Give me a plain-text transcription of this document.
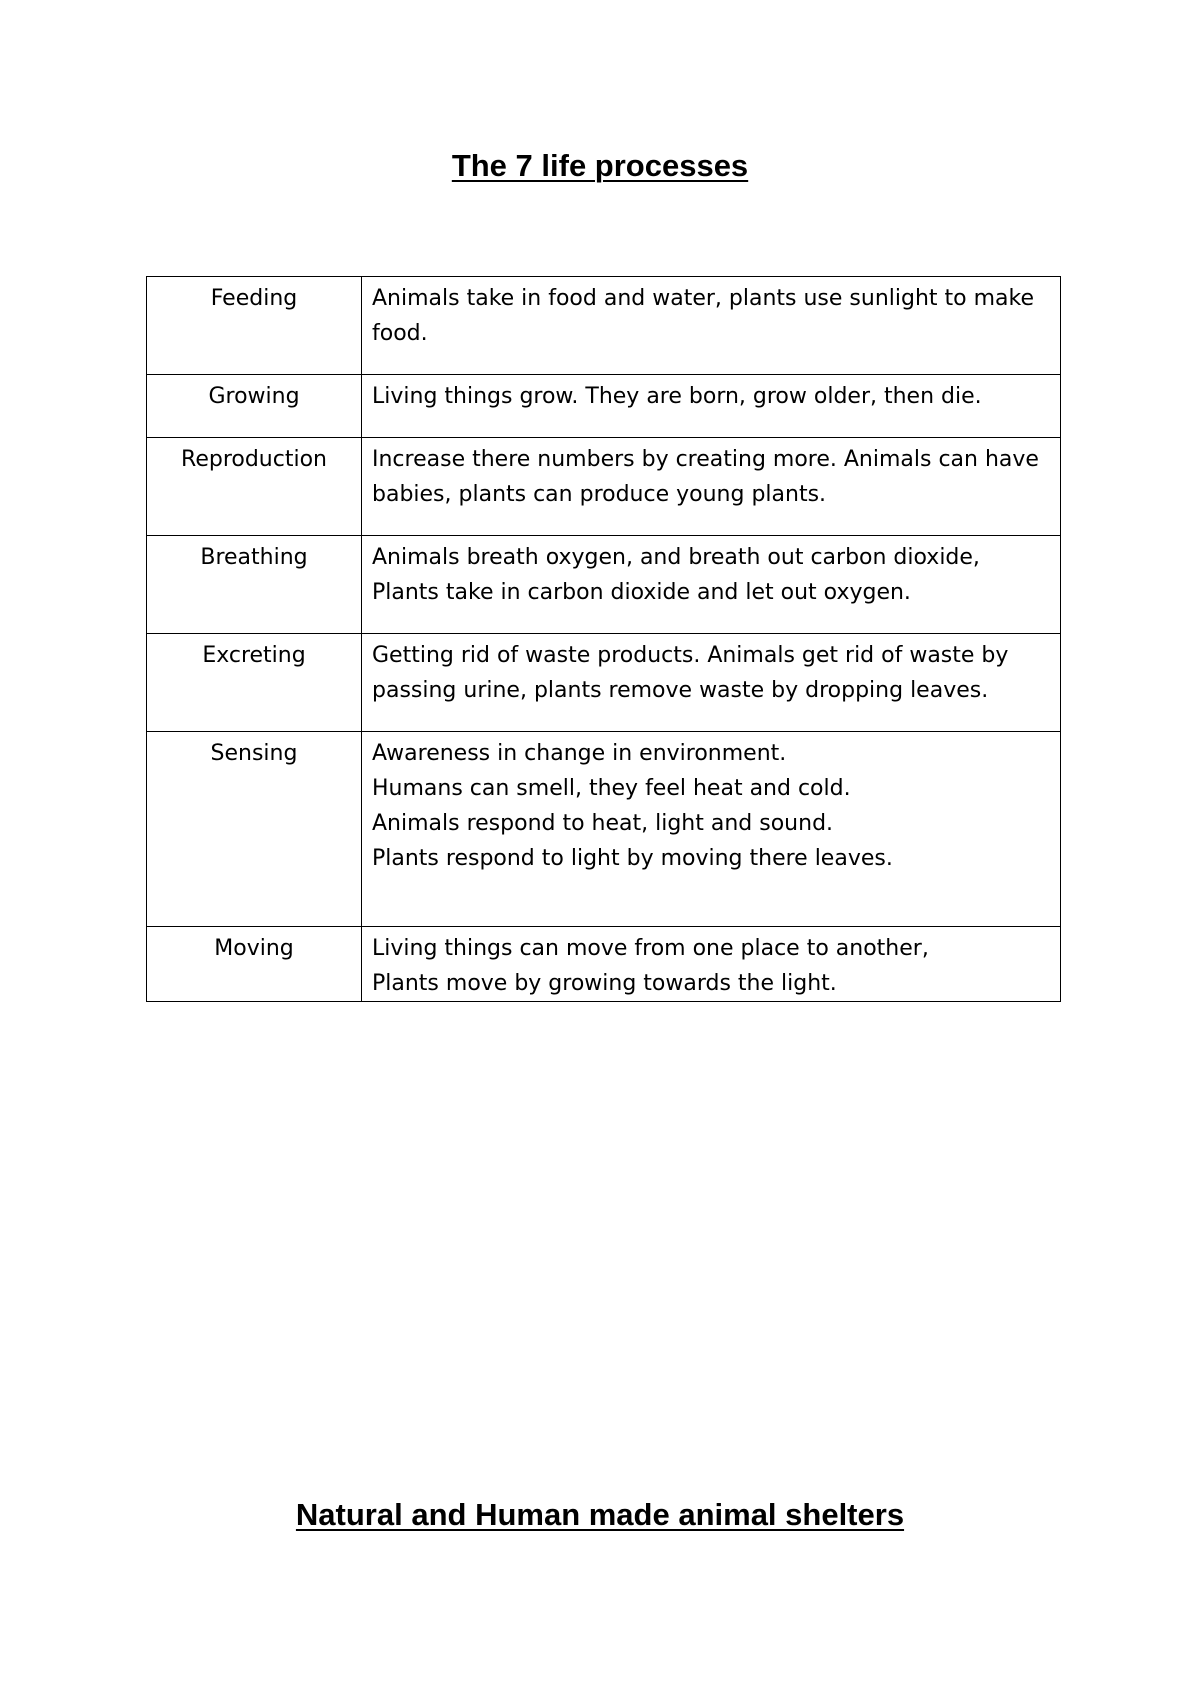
The 7 life processes
Feeding	Animals take in food and water, plants use sunlight to make food.
Growing	Living things grow. They are born, grow older, then die.
Reproduction	Increase there numbers by creating more. Animals can have babies, plants can produce young plants.
Breathing	Animals breath oxygen, and breath out carbon dioxide,
Plants take in carbon dioxide and let out oxygen.
Excreting	Getting rid of waste products. Animals get rid of waste by passing urine, plants remove waste by dropping leaves.
Sensing	Awareness in change in environment.
Humans can smell, they feel heat and cold.
Animals respond to heat, light and sound.
Plants respond to light by moving there leaves.
Moving	Living things can move from one place to another,
Plants move by growing towards the light.
Natural and Human made animal shelters
